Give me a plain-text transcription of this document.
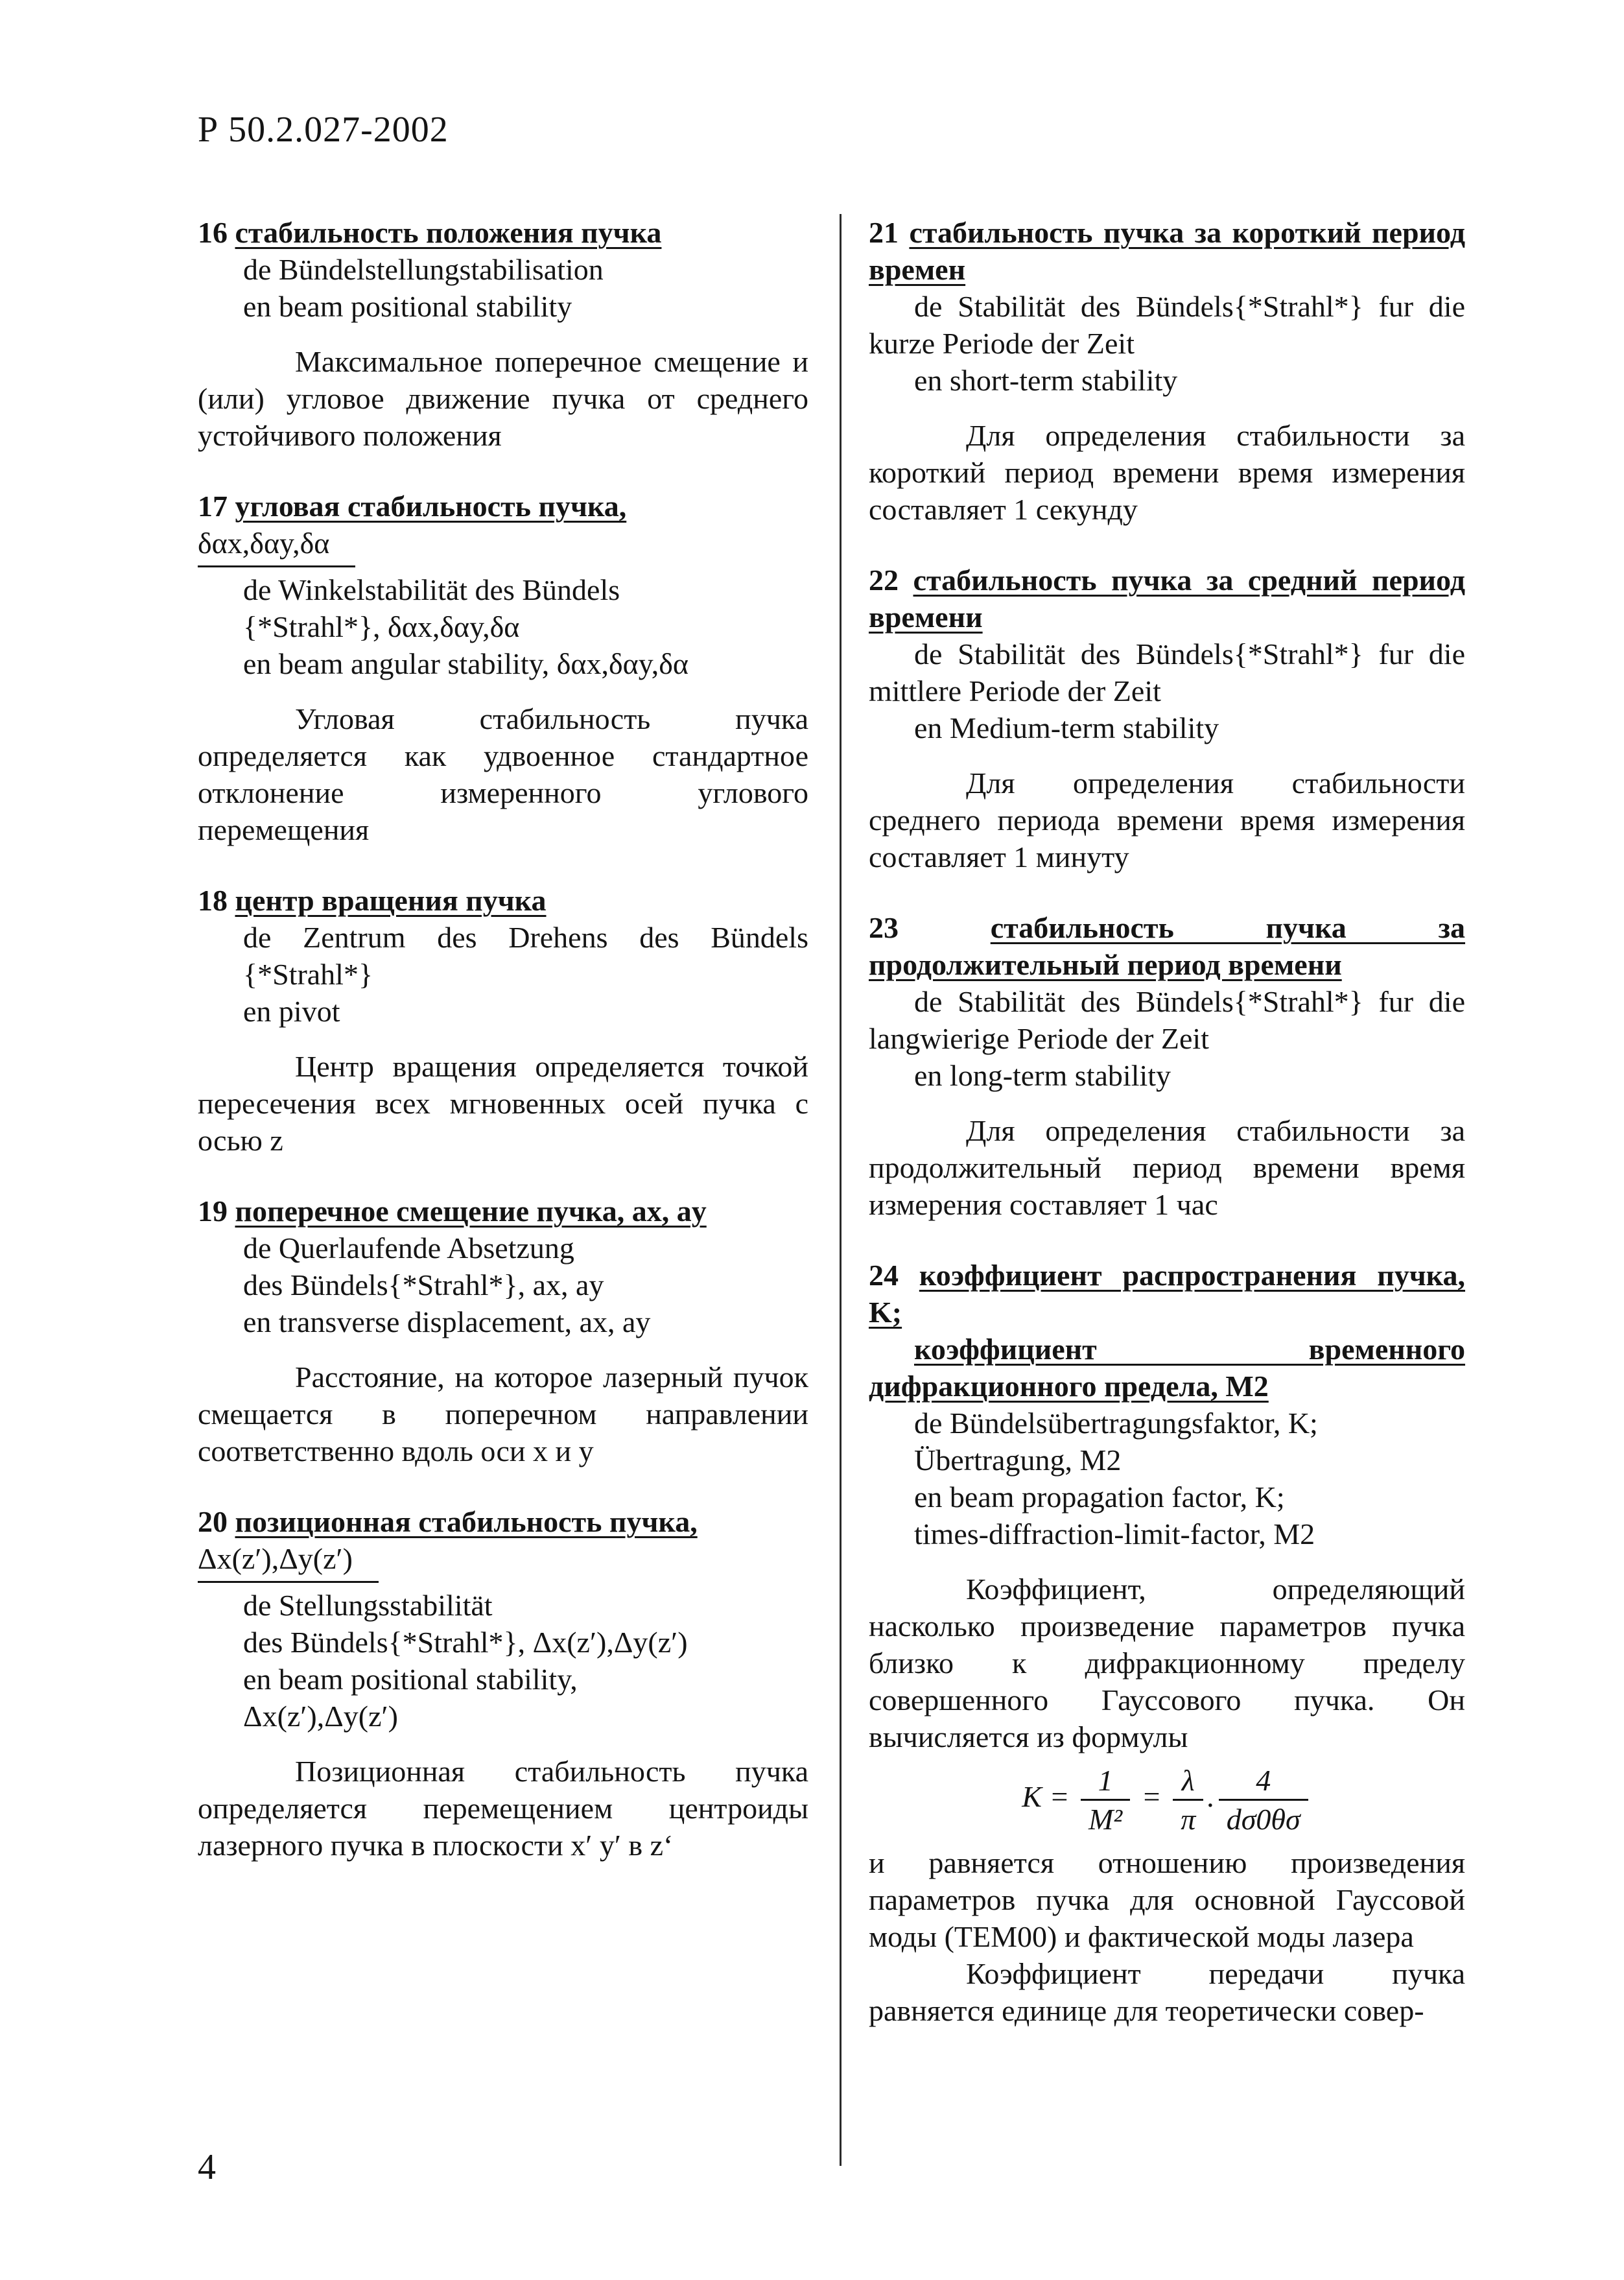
Р 50.2.027-2002
16 стабильность положения пучка
de Bündelstellungstabilisation
en beam positional stability
Максимальное поперечное смещение и (или) угловое движение пучка от среднего устойчивого положения
17 угловая стабильность пучка,
δαx,δαy,δα
de Winkelstabilität des Bündels
{*Strahl*}, δαx,δαy,δα
en beam angular stability, δαx,δαy,δα
Угловая стабильность пучка определяется как удвоенное стандартное отклонение измеренного углового перемещения
18 центр вращения пучка
de Zentrum des Drehens des Bündels {*Strahl*}
en pivot
Центр вращения определяется точкой пересечения всех мгновенных осей пучка с осью z
19 поперечное смещение пучка, ax, ay
de Querlaufende Absetzung
des Bündels{*Strahl*}, ax, ay
en transverse displacement, ax, ay
Расстояние, на которое лазерный пучок смещается в поперечном направлении соответственно вдоль оси x и y
20 позиционная стабильность пучка,
Δx(z′),Δy(z′)
de Stellungsstabilität
des Bündels{*Strahl*}, Δx(z′),Δy(z′)
en beam positional stability,
Δx(z′),Δy(z′)
Позиционная стабильность пучка определяется перемещением центроиды лазерного пучка в плоскости x′ y′ в z‘
21 стабильность пучка за короткий период времен
de Stabilität des Bündels{*Strahl*} fur die kurze Periode der Zeit
en short-term stability
Для определения стабильности за короткий период времени время измерения составляет 1 секунду
22 стабильность пучка за средний период времени
de Stabilität des Bündels{*Strahl*} fur die mittlere Periode der Zeit
en Medium-term stability
Для определения стабильности среднего периода времени время измерения составляет 1 минуту
23	стабильность пучка за продолжительный период времени
de Stabilität des Bündels{*Strahl*} fur die langwierige Periode der Zeit
en long-term stability
Для определения стабильности за продолжительный период времени время измерения составляет 1 час
24 коэффициент распространения пучка, K;
коэффициент временного дифракционного предела, M2
de Bündelsübertragungsfaktor, K;
Übertragung, M2
en beam propagation factor, K;
times-diffraction-limit-factor, M2
Коэффициент, определяющий насколько произведение параметров пучка близко к дифракционному пределу совершенного Гауссового пучка. Он вычисляется из формулы
$K = \frac{1}{\text{M²}} = \frac{\lambda}{\pi}$ . $\frac{4}{d\sigma 0\theta\sigma}$
и равняется отношению произведения параметров пучка для основной Гауссовой моды (TEM00) и фактической моды лазера
Коэффициент передачи пучка равняется единице для теоретически совер-
4
